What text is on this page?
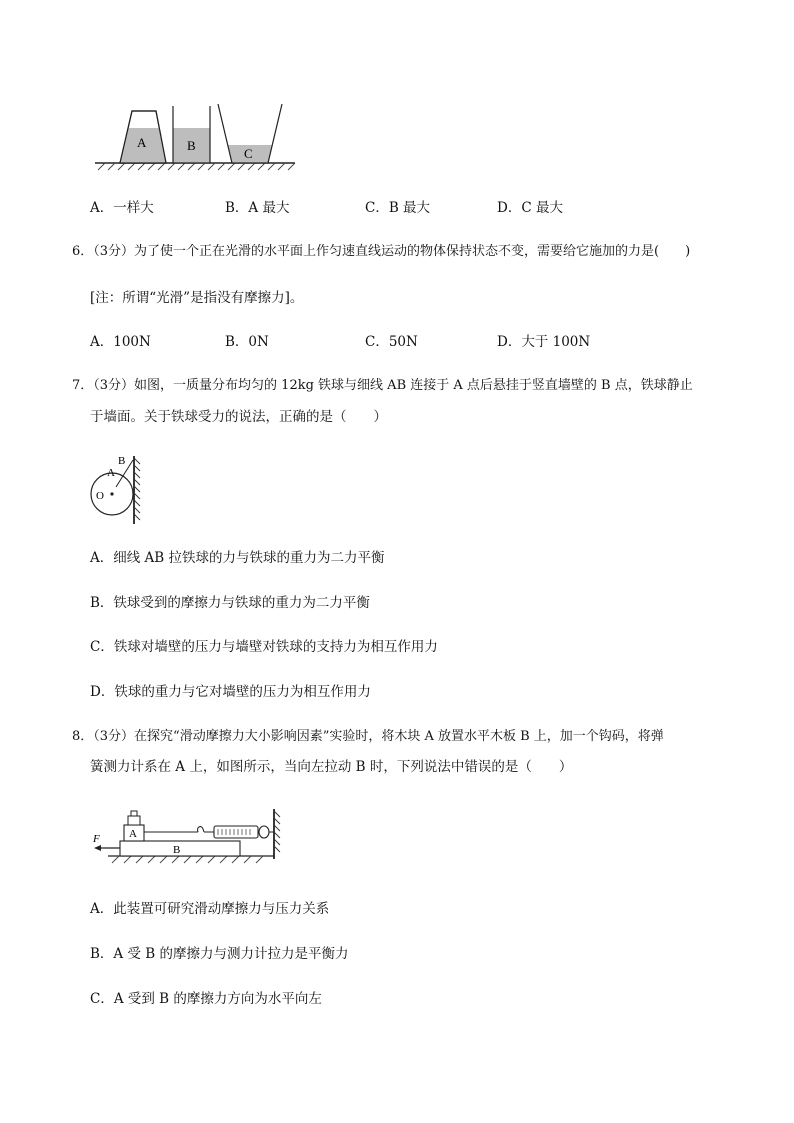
A	B
C
A．一样大	B．A 最大	C．B 最大	D．C 最大
6．（3分）为了使一个正在光滑的水平面上作匀速直线运动的物体保持状态不变，需要给它施加的力是(　　)
[注：所谓“光滑”是指没有摩擦力]。
A．100N	B．0N	C．50N	D．大于 100N
7．（3分）如图，一质量分布均匀的 12kg 铁球与细线 AB 连接于 A 点后悬挂于竖直墙壁的 B 点，铁球静止
于墙面。关于铁球受力的说法，正确的是（　　）
B
A
O
A．细线 AB 拉铁球的力与铁球的重力为二力平衡
B．铁球受到的摩擦力与铁球的重力为二力平衡
C．铁球对墙壁的压力与墙壁对铁球的支持力为相互作用力
D．铁球的重力与它对墙壁的压力为相互作用力
8．（3分）在探究“滑动摩擦力大小影响因素”实验时，将木块 A 放置水平木板 B 上，加一个钩码，将弹
簧测力计系在 A 上，如图所示，当向左拉动 B 时，下列说法中错误的是（　　）
F	A
B
A．此装置可研究滑动摩擦力与压力关系
B．A 受 B 的摩擦力与测力计拉力是平衡力
C．A 受到 B 的摩擦力方向为水平向左
